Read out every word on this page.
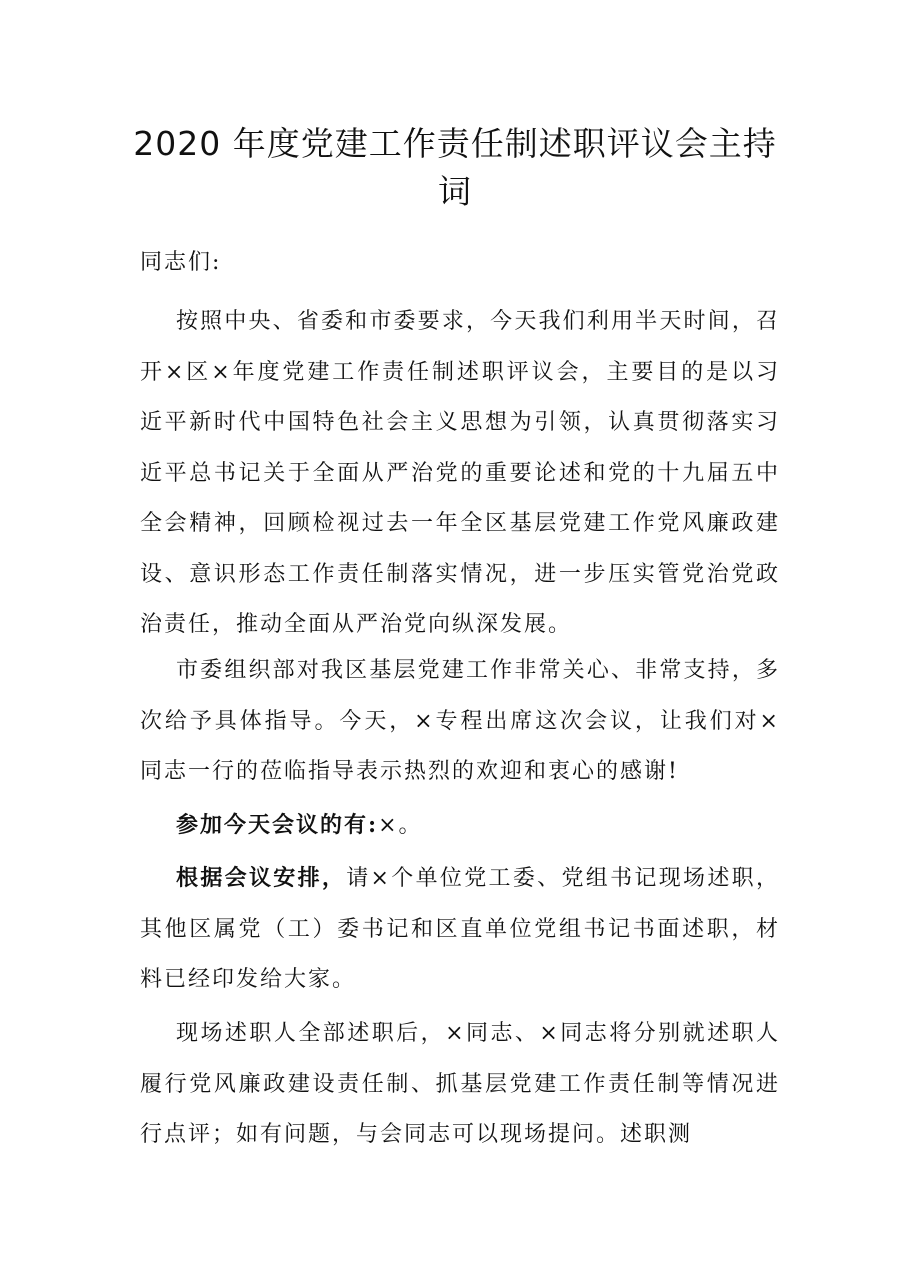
2020 年度党建工作责任制述职评议会主持词
同志们:
按照中央、省委和市委要求，今天我们利用半天时间，召开×区×年度党建工作责任制述职评议会，主要目的是以习近平新时代中国特色社会主义思想为引领，认真贯彻落实习近平总书记关于全面从严治党的重要论述和党的十九届五中全会精神，回顾检视过去一年全区基层党建工作党风廉政建设、意识形态工作责任制落实情况，进一步压实管党治党政治责任，推动全面从严治党向纵深发展。
市委组织部对我区基层党建工作非常关心、非常支持，多次给予具体指导。今天，×专程出席这次会议，让我们对×同志一行的莅临指导表示热烈的欢迎和衷心的感谢!
参加今天会议的有:×。
根据会议安排，请×个单位党工委、党组书记现场述职，其他区属党（工）委书记和区直单位党组书记书面述职，材料已经印发给大家。
现场述职人全部述职后，×同志、×同志将分别就述职人履行党风廉政建设责任制、抓基层党建工作责任制等情况进行点评；如有问题，与会同志可以现场提问。述职测
